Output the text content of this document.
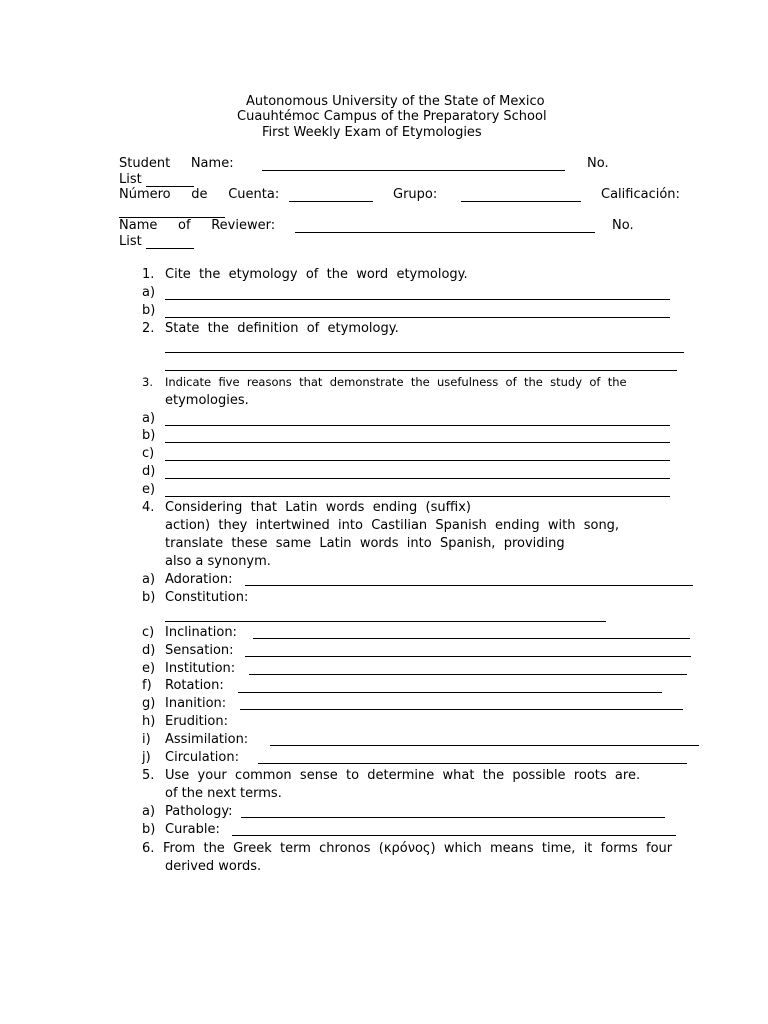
Autonomous University of the State of Mexico
Cuauhtémoc Campus of the Preparatory School
First Weekly Exam of Etymologies
Student     Name:	No.
List
Número     de     Cuenta:	Grupo:	Calificación:
Name     of     Reviewer:	No.
List
1. Cite  the  etymology  of  the  word  etymology.
a)
b)
2. State  the  definition  of  etymology.
3. Indicate  five  reasons  that  demonstrate  the  usefulness  of  the  study  of  the
etymologies.
a)
b)
c)
d)
e)
4. Considering  that  Latin  words  ending  (suffix)
action)  they  intertwined  into  Castilian  Spanish  ending  with  song,
translate  these  same  Latin  words  into  Spanish,  providing
also a synonym.
a) Adoration:
b) Constitution:
c) Inclination:
d) Sensation:
e) Institution:
f) Rotation:
g) Inanition:
h) Erudition:
i) Assimilation:
j) Circulation:
5. Use  your  common  sense  to  determine  what  the  possible  roots  are.
of the next terms.
a) Pathology:
b) Curable:
6. From  the  Greek  term  chronos  (κρόνος)  which  means  time,  it  forms  four
derived words.
